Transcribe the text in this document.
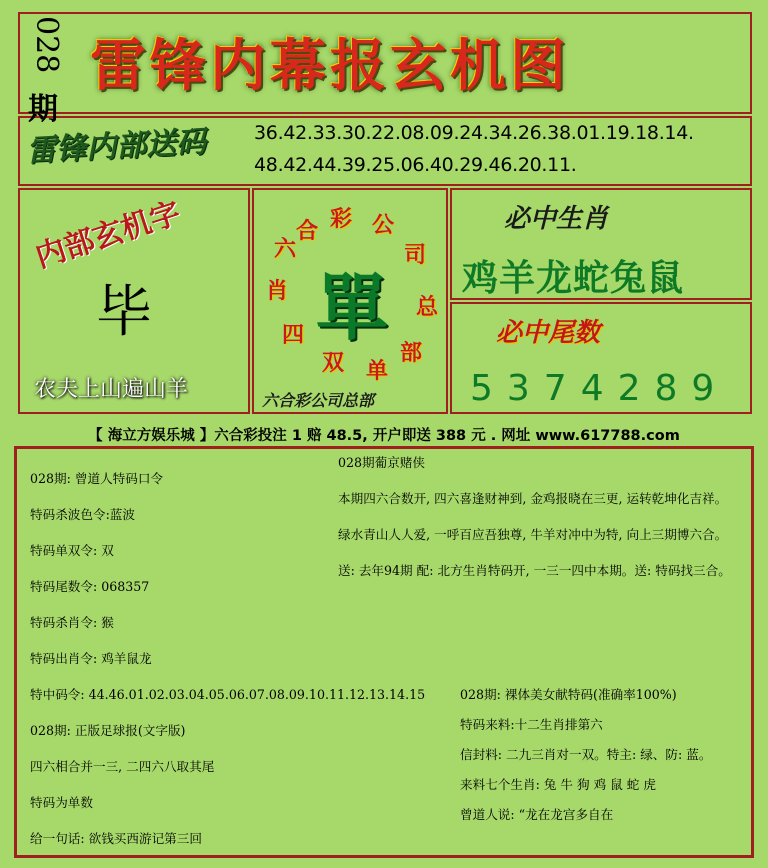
028
期
雷锋内幕报玄机图
雷锋内部送码	36.42.33.30.22.08.09.24.34.26.38.01.19.18.14.
48.42.44.39.25.06.40.29.46.20.11.
内部玄机字
毕
农夫上山遍山羊
六
合 彩 公
司
总
部
单
双
四
肖 單
六合彩公司总部
必中生肖
鸡羊龙蛇兔鼠
必中尾数
5374289
【 海立方娱乐城 】六合彩投注 1 赔 48.5, 开户即送 388 元 . 网址 www.617788.com
028期: 曾道人特码口令
特码杀波色令:蓝波
特码单双令: 双
特码尾数令: 068357
特码杀肖令: 猴
特码出肖令: 鸡羊鼠龙
特中码令: 44.46.01.02.03.04.05.06.07.08.09.10.11.12.13.14.15
028期: 正版足球报(文字版)
四六相合并一三, 二四六八取其尾
特码为单数
给一句话: 欲钱买西游记第三回
028期葡京赌侠
本期四六合数开, 四六喜逢财神到, 金鸡报晓在三更, 运转乾坤化吉祥。
绿水青山人人爱, 一呼百应吾独尊, 牛羊对冲中为特, 向上三期博六合。
送: 去年94期 配: 北方生肖特码开, 一三一四中本期。送: 特码找三合。
028期: 裸体美女献特码(准确率100%)
特码来料:十二生肖排第六
信封料: 二九三肖对一双。特主: 绿、防: 蓝。
来料七个生肖: 兔 牛 狗 鸡 鼠 蛇 虎
曾道人说: “龙在龙宫多自在
